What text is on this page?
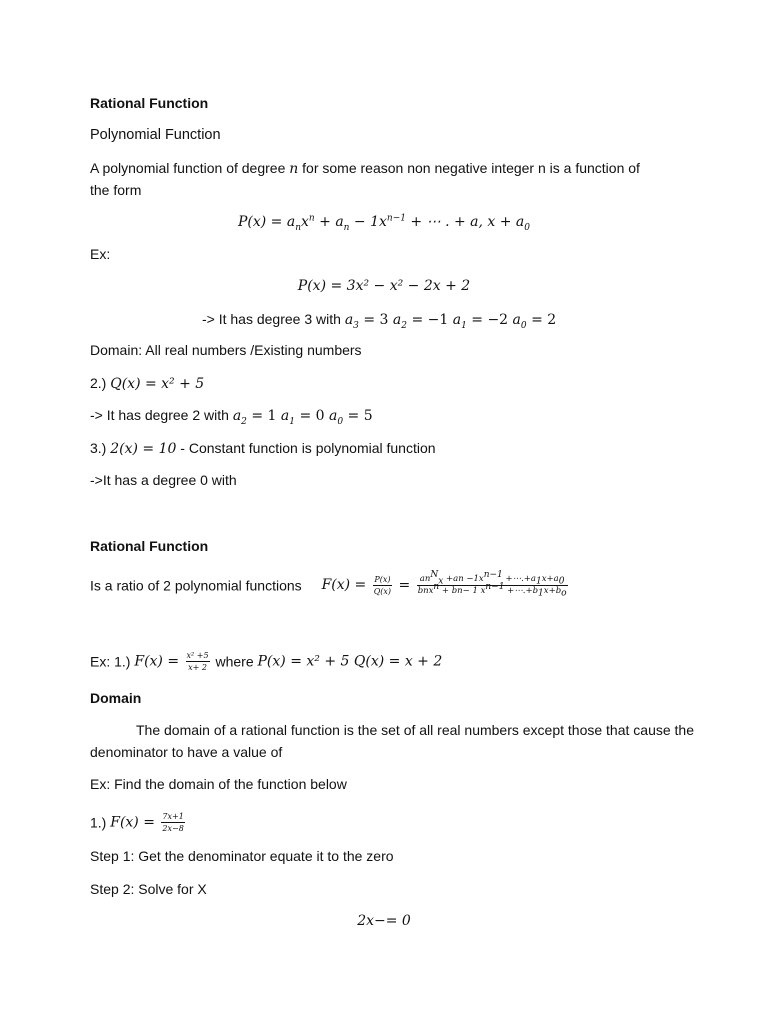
Rational Function
Polynomial Function
A polynomial function of degree n for some reason non negative integer n is a function of
the form
$P(x) = a_nx^n + a_n - 1x^{n-1}$ + ⋯ . + a, $x + a_0$
Ex:
P(x) = 3x² − x² − 2x + 2
-> It has degree 3 with $a_3 = 3$ $a_2 = -1$ $a_1 = -2$ $a_0 = 2$
Domain: All real numbers /Existing numbers
2.) Q(x) = x² + 5
-> It has degree 2 with $a_2 = 1$ $a_1 = 0$ $a_0 = 5$
3.) 2(x) = 10 - Constant function is polynomial function
->It has a degree 0 with
Rational Function
Is a ratio of 2 polynomial functions $F(x) = \frac{P(x)}{Q(x)} = \frac{an^N_x +an -1x^{n-1} +\cdots.+a_1x+a_0}{bnx^n + bn- 1 x^{n-1} +\cdots.+b_1x+b_o}$
Ex: 1.) $F(x) = \frac{\text{x² +5}}{x+ 2}$ where P(x) = x² + 5 Q(x) = x + 2
Domain
The domain of a rational function is the set of all real numbers except those that cause the
denominator to have a value of
Ex: Find the domain of the function below
1.) $F(x) = \frac{7x+1}{2x-8}$
Step 1: Get the denominator equate it to the zero
Step 2: Solve for X
2x−= 0
